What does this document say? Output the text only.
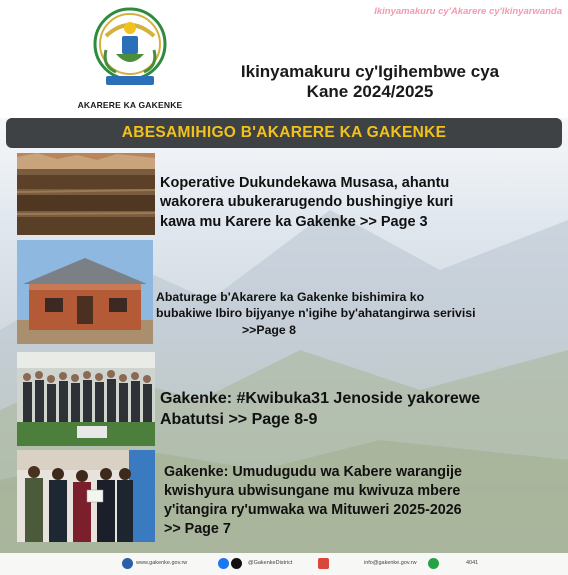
Ikinyamakuru cy'Akarere cy'Ikinyarwanda
AKARERE KA GAKENKE
Ikinyamakuru cy'Igihembwe cya
Kane 2024/2025
ABESAMIHIGO B'AKARERE KA GAKENKE
Koperative Dukundekawa Musasa, ahantu
wakorera ubukerarugendo bushingiye kuri
kawa mu Karere ka Gakenke >> Page 3
Abaturage b'Akarere ka Gakenke bishimira ko
bubakiwe Ibiro bijyanye n'igihe by'ahatangirwa serivisi
>>Page 8
Gakenke: #Kwibuka31 Jenoside yakorewe
Abatutsi >> Page 8-9
Gakenke: Umudugudu wa Kabere warangije
kwishyura ubwisungane mu kwivuza mbere
y'itangira ry'umwaka wa Mituweri 2025-2026
>> Page 7
www.gakenke.gov.rw	@GakenkeDistrict	info@gakenke.gov.rw	4041
